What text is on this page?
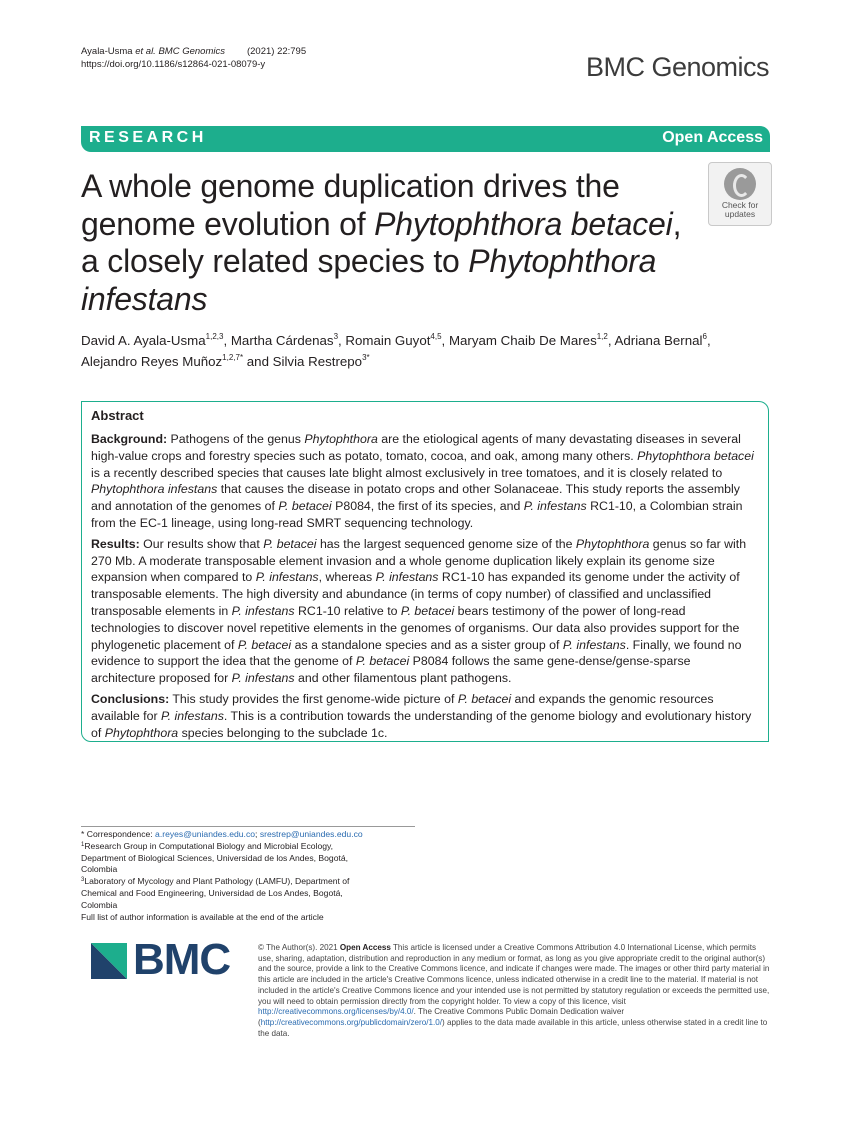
Ayala-Usma et al. BMC Genomics (2021) 22:795
https://doi.org/10.1186/s12864-021-08079-y	BMC Genomics
RESEARCH	Open Access
Check for
updates
A whole genome duplication drives the genome evolution of Phytophthora betacei, a closely related species to Phytophthora infestans
David A. Ayala-Usma$^{1,2,3}$, Martha Cárdenas$^3$, Romain Guyot$^{4,5}$, Maryam Chaib De Mares$^{1,2}$, Adriana Bernal$^6$,
Alejandro Reyes Muñoz$^{1,2,7*}$ and Silvia Restrepo$^{3*}$
Abstract

Background: Pathogens of the genus Phytophthora are the etiological agents of many devastating diseases in several high-value crops and forestry species such as potato, tomato, cocoa, and oak, among many others. Phytophthora betacei is a recently described species that causes late blight almost exclusively in tree tomatoes, and it is closely related to Phytophthora infestans that causes the disease in potato crops and other Solanaceae. This study reports the assembly and annotation of the genomes of P. betacei P8084, the first of its species, and P. infestans RC1-10, a Colombian strain from the EC-1 lineage, using long-read SMRT sequencing technology.

Results: Our results show that P. betacei has the largest sequenced genome size of the Phytophthora genus so far with 270 Mb. A moderate transposable element invasion and a whole genome duplication likely explain its genome size expansion when compared to P. infestans, whereas P. infestans RC1-10 has expanded its genome under the activity of transposable elements. The high diversity and abundance (in terms of copy number) of classified and unclassified transposable elements in P. infestans RC1-10 relative to P. betacei bears testimony of the power of long-read technologies to discover novel repetitive elements in the genomes of organisms. Our data also provides support for the phylogenetic placement of P. betacei as a standalone species and as a sister group of P. infestans. Finally, we found no evidence to support the idea that the genome of P. betacei P8084 follows the same gene-dense/gense-sparse architecture proposed for P. infestans and other filamentous plant pathogens.

Conclusions: This study provides the first genome-wide picture of P. betacei and expands the genomic resources available for P. infestans. This is a contribution towards the understanding of the genome biology and evolutionary history of Phytophthora species belonging to the subclade 1c.

* Correspondence: a.reyes@uniandes.edu.co; srestrep@uniandes.edu.co
$^1$Research Group in Computational Biology and Microbial Ecology,
Department of Biological Sciences, Universidad de los Andes, Bogotá,
Colombia
$^3$Laboratory of Mycology and Plant Pathology (LAMFU), Department of
Chemical and Food Engineering, Universidad de Los Andes, Bogotá,
Colombia
Full list of author information is available at the end of the article
BMC	© The Author(s). 2021 Open Access This article is licensed under a Creative Commons Attribution 4.0 International License, which permits use, sharing, adaptation, distribution and reproduction in any medium or format, as long as you give appropriate credit to the original author(s) and the source, provide a link to the Creative Commons licence, and indicate if changes were made. The images or other third party material in this article are included in the article's Creative Commons licence, unless indicated otherwise in a credit line to the material. If material is not included in the article's Creative Commons licence and your intended use is not permitted by statutory regulation or exceeds the permitted use, you will need to obtain permission directly from the copyright holder. To view a copy of this licence, visit http://creativecommons.org/licenses/by/4.0/. The Creative Commons Public Domain Dedication waiver (http://creativecommons.org/publicdomain/zero/1.0/) applies to the data made available in this article, unless otherwise stated in a credit line to the data.
